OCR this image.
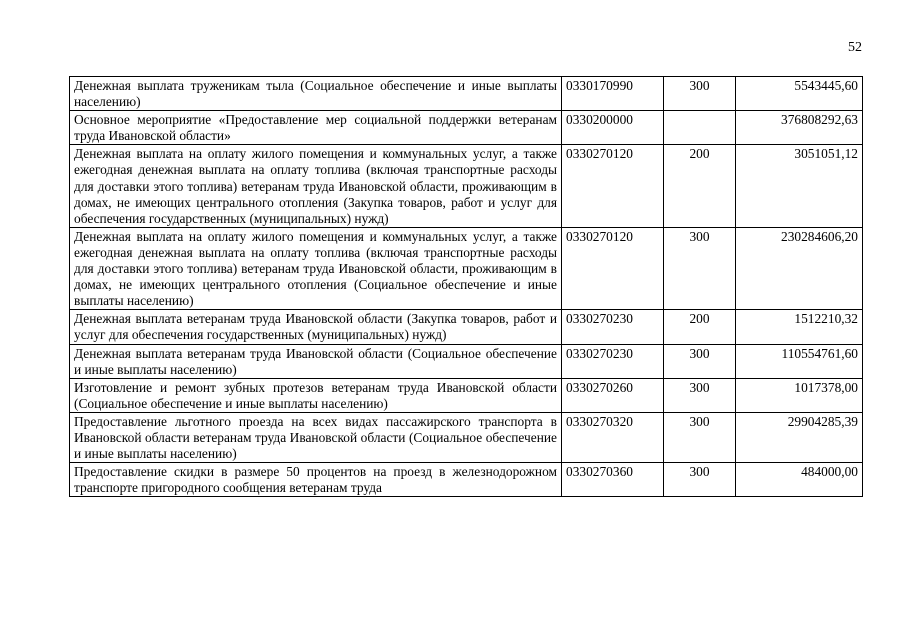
52
Денежная выплата труженикам тыла (Социальное обеспечение и иные выплаты населению)	0330170990	300	5543445,60
Основное мероприятие «Предоставление мер социальной поддержки ветеранам труда Ивановской области»	0330200000		376808292,63
Денежная выплата на оплату жилого помещения и коммунальных услуг, а также ежегодная денежная выплата на оплату топлива (включая транспортные расходы для доставки этого топлива) ветеранам труда Ивановской области, проживающим в домах, не имеющих центрального отопления (Закупка товаров, работ и услуг для обеспечения государственных (муниципальных) нужд)	0330270120	200	3051051,12
Денежная выплата на оплату жилого помещения и коммунальных услуг, а также ежегодная денежная выплата на оплату топлива (включая транспортные расходы для доставки этого топлива) ветеранам труда Ивановской области, проживающим в домах, не имеющих центрального отопления (Социальное обеспечение и иные выплаты населению)	0330270120	300	230284606,20
Денежная выплата ветеранам труда Ивановской области (Закупка товаров, работ и услуг для обеспечения государственных (муниципальных) нужд)	0330270230	200	1512210,32
Денежная выплата ветеранам труда Ивановской области (Социальное обеспечение и иные выплаты населению)	0330270230	300	110554761,60
Изготовление и ремонт зубных протезов ветеранам труда Ивановской области (Социальное обеспечение и иные выплаты населению)	0330270260	300	1017378,00
Предоставление льготного проезда на всех видах пассажирского транспорта в Ивановской области ветеранам труда Ивановской области (Социальное обеспечение и иные выплаты населению)	0330270320	300	29904285,39
Предоставление скидки в размере 50 процентов на проезд в железнодорожном транспорте пригородного сообщения ветеранам труда	0330270360	300	484000,00
